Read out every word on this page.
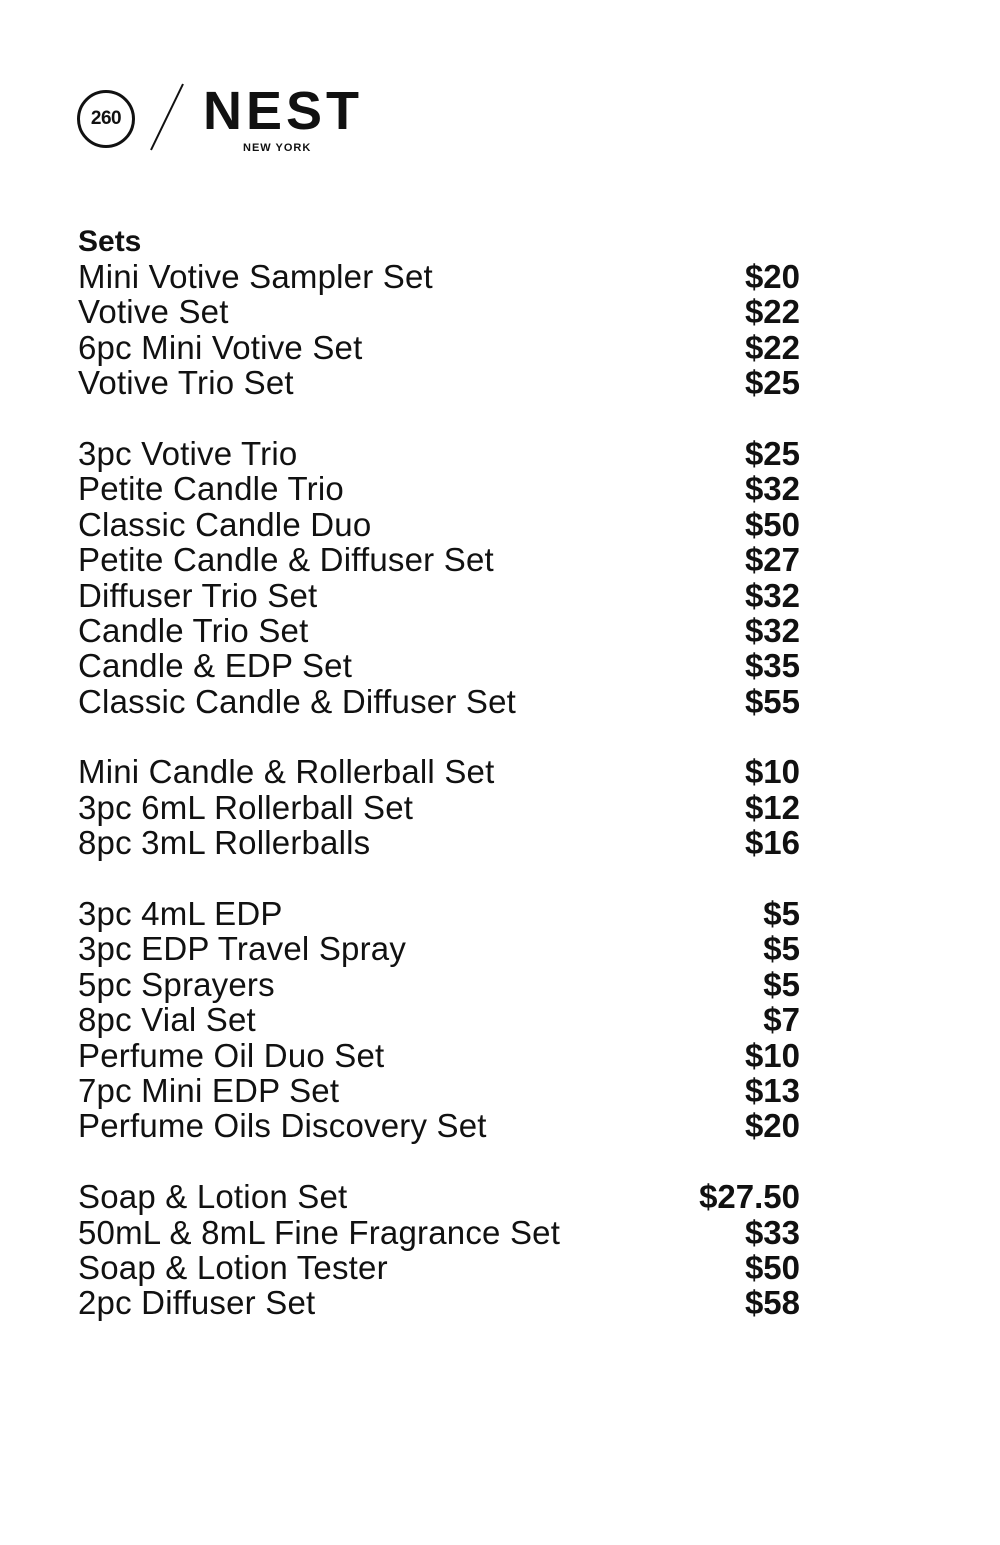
260 NEST
NEW YORK
Sets
Mini Votive Sampler Set	$20
Votive Set	$22
6pc Mini Votive Set	$22
Votive Trio Set	$25
3pc Votive Trio	$25
Petite Candle Trio	$32
Classic Candle Duo	$50
Petite Candle & Diffuser Set	$27
Diffuser Trio Set	$32
Candle Trio Set	$32
Candle & EDP Set	$35
Classic Candle & Diffuser Set	$55
Mini Candle & Rollerball Set	$10
3pc 6mL Rollerball Set	$12
8pc 3mL Rollerballs	$16
3pc 4mL EDP	$5
3pc EDP Travel Spray	$5
5pc Sprayers	$5
8pc Vial Set	$7
Perfume Oil Duo Set	$10
7pc Mini EDP Set	$13
Perfume Oils Discovery Set	$20
Soap & Lotion Set	$27.50
50mL & 8mL Fine Fragrance Set	$33
Soap & Lotion Tester	$50
2pc Diffuser Set	$58
